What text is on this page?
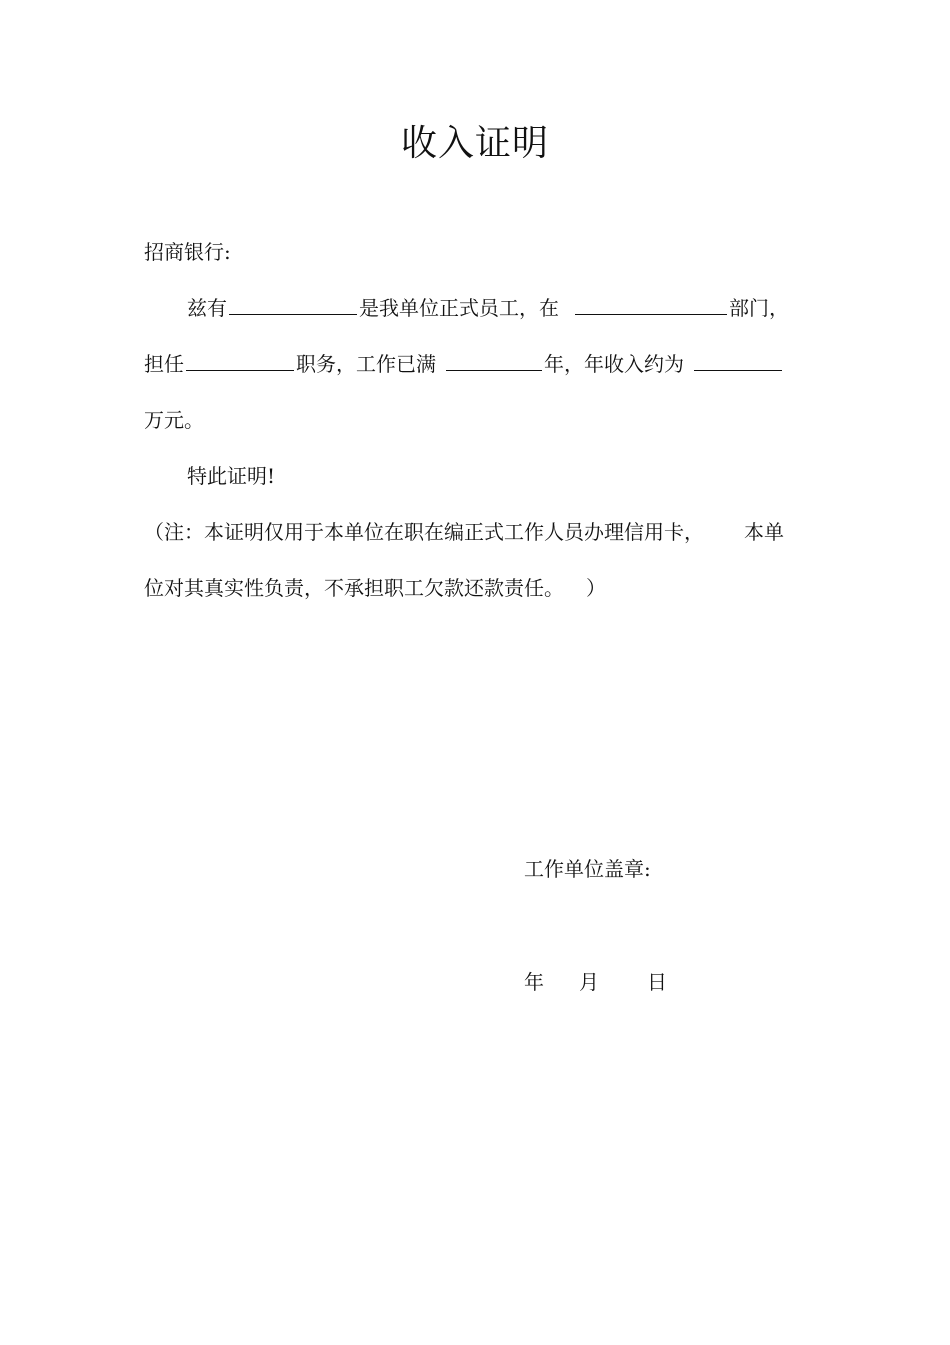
收入证明
招商银行:
兹有	是我单位正式员工，在	部门，
担任	职务，工作已满	年，年收入约为
万元。
特此证明!
（注：本证明仅用于本单位在职在编正式工作人员办理信用卡， 本单
位对其真实性负责，不承担职工欠款还款责任。 ）
工作单位盖章:
年 月 日
